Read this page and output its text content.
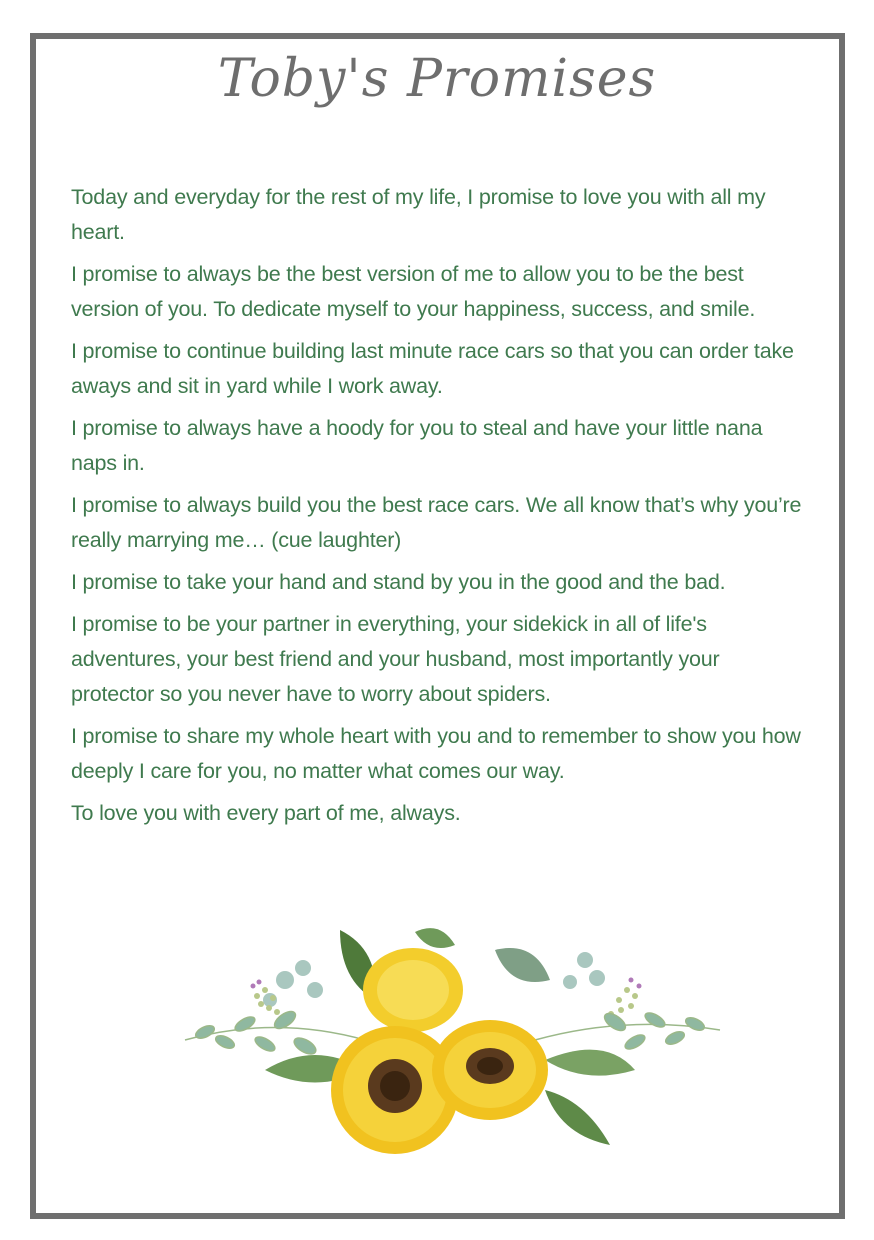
Toby's Promises
Today and everyday for the rest of my life, I promise to love you with all my heart.
I promise to always be the best version of me to allow you to be the best version of you. To dedicate myself to your happiness, success, and smile.
I promise to continue building last minute race cars so that you can order take aways and sit in yard while I work away.
I promise to always have a hoody for you to steal and have your little nana naps in.
I promise to always build you the best race cars. We all know that’s why you’re really marrying me… (cue laughter)
I promise to take your hand and stand by you in the good and the bad.
I promise to be your partner in everything, your sidekick in all of life's adventures, your best friend and your husband, most importantly your protector so you never have to worry about spiders.
I promise to share my whole heart with you and to remember to show you how deeply I care for you, no matter what comes our way.
To love you with every part of me, always.
